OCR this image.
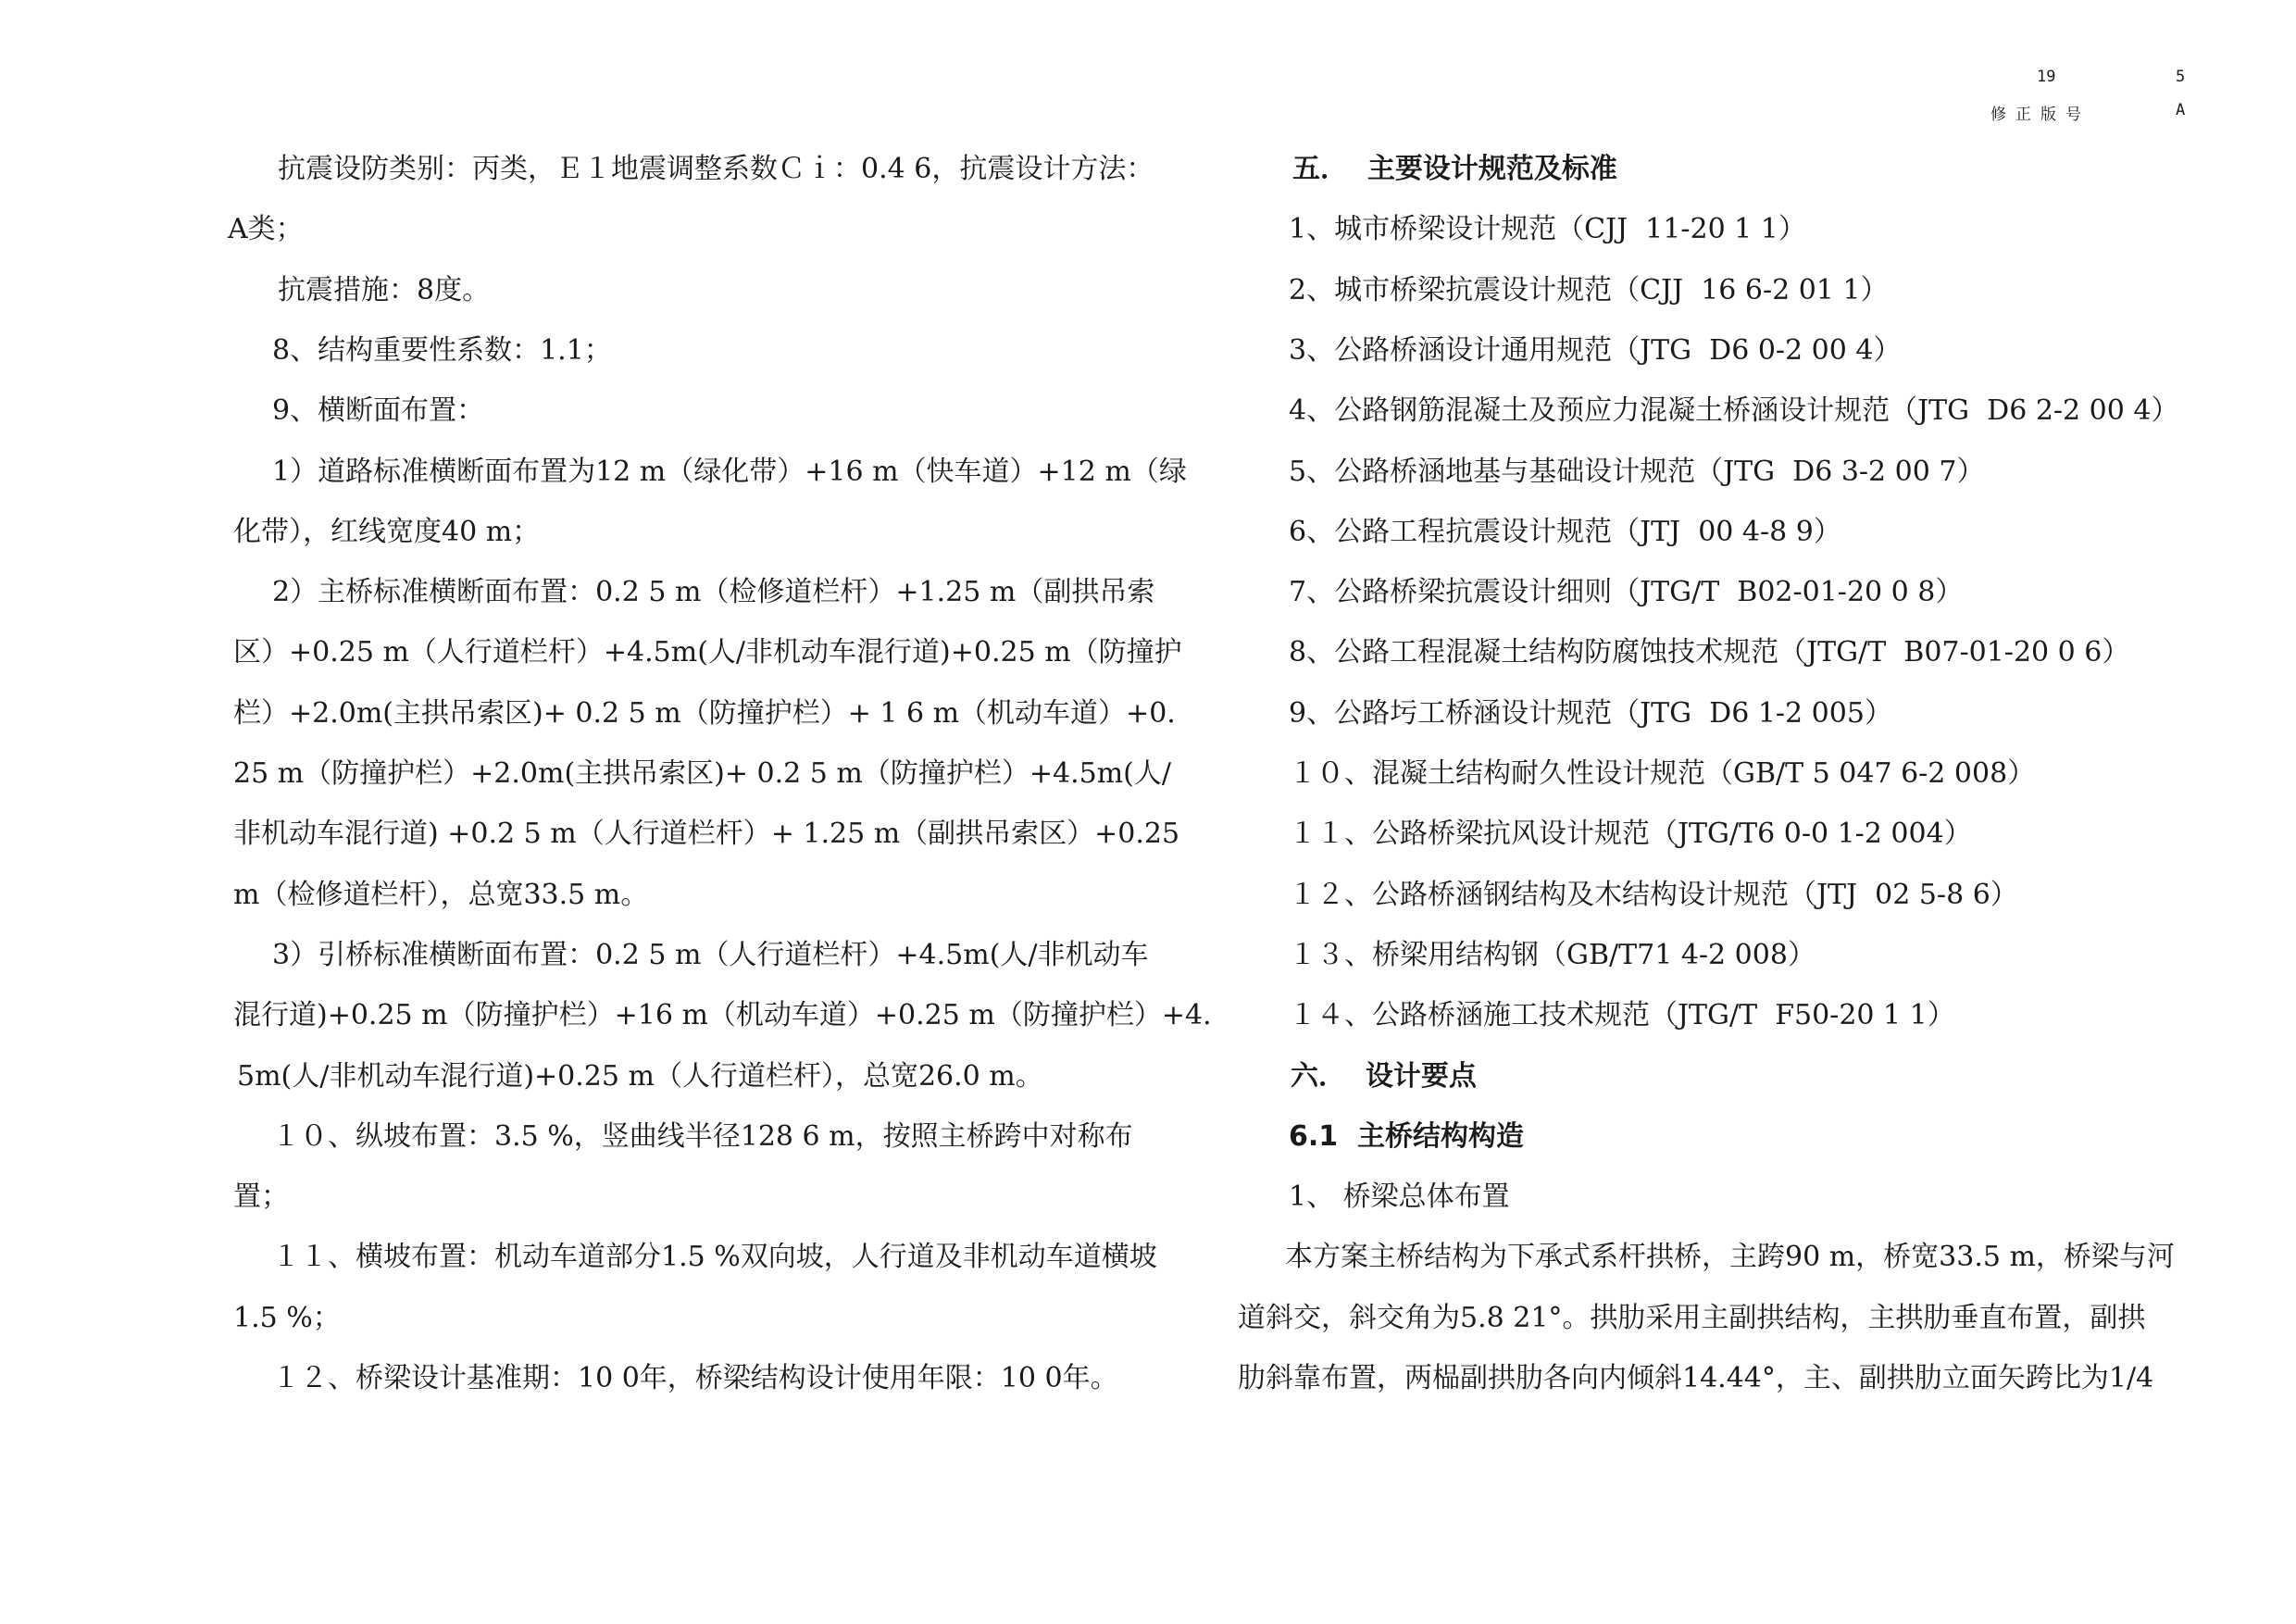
19	5
修正版号	A
抗震设防类别：丙类，Ｅ１地震调整系数Ｃｉ：0.4 6，抗震设计方法：
A类；
抗震措施：8度。
8、结构重要性系数：1.1；
9、横断面布置：
1）道路标准横断面布置为12 m（绿化带）+16 m（快车道）+12 m（绿
化带），红线宽度40 m；
2）主桥标准横断面布置：0.2 5 m（检修道栏杆）+1.25 m（副拱吊索
区）+0.25 m（人行道栏杆）+4.5m(人/非机动车混行道)+0.25 m（防撞护
栏）+2.0m(主拱吊索区)+ 0.2 5 m（防撞护栏）+ 1 6 m（机动车道）+0.
25 m（防撞护栏）+2.0m(主拱吊索区)+ 0.2 5 m（防撞护栏）+4.5m(人/
非机动车混行道) +0.2 5 m（人行道栏杆）+ 1.25 m（副拱吊索区）+0.25
m（检修道栏杆），总宽33.5 m。
3）引桥标准横断面布置：0.2 5 m（人行道栏杆）+4.5m(人/非机动车
混行道)+0.25 m（防撞护栏）+16 m（机动车道）+0.25 m（防撞护栏）+4.
5m(人/非机动车混行道)+0.25 m（人行道栏杆），总宽26.0 m。
１０、纵坡布置：3.5 %，竖曲线半径128 6 m，按照主桥跨中对称布
置；
１１、横坡布置：机动车道部分1.5 %双向坡，人行道及非机动车道横坡
1.5 %；
１２、桥梁设计基准期：10 0年，桥梁结构设计使用年限：10 0年。
五．  主要设计规范及标准
1、城市桥梁设计规范（CJJ  11-20 1 1）
2、城市桥梁抗震设计规范（CJJ  16 6-2 01 1）
3、公路桥涵设计通用规范（JTG  D6 0-2 00 4）
4、公路钢筋混凝土及预应力混凝土桥涵设计规范（JTG  D6 2-2 00 4）
5、公路桥涵地基与基础设计规范（JTG  D6 3-2 00 7）
6、公路工程抗震设计规范（JTJ  00 4-8 9）
7、公路桥梁抗震设计细则（JTG/T  B02-01-20 0 8）
8、公路工程混凝土结构防腐蚀技术规范（JTG/T  B07-01-20 0 6）
9、公路圬工桥涵设计规范（JTG  D6 1-2 005）
１０、混凝土结构耐久性设计规范（GB/T 5 047 6-2 008）
１１、公路桥梁抗风设计规范（JTG/T6 0-0 1-2 004）
１２、公路桥涵钢结构及木结构设计规范（JTJ  02 5-8 6）
１３、桥梁用结构钢（GB/T71 4-2 008）
１４、公路桥涵施工技术规范（JTG/T  F50-20 1 1）
六．  设计要点
6.1  主桥结构构造
1、 桥梁总体布置
本方案主桥结构为下承式系杆拱桥，主跨90 m，桥宽33.5 m，桥梁与河
道斜交，斜交角为5.8 21°。拱肋采用主副拱结构，主拱肋垂直布置，副拱
肋斜靠布置，两榀副拱肋各向内倾斜14.44°，主、副拱肋立面矢跨比为1/4
